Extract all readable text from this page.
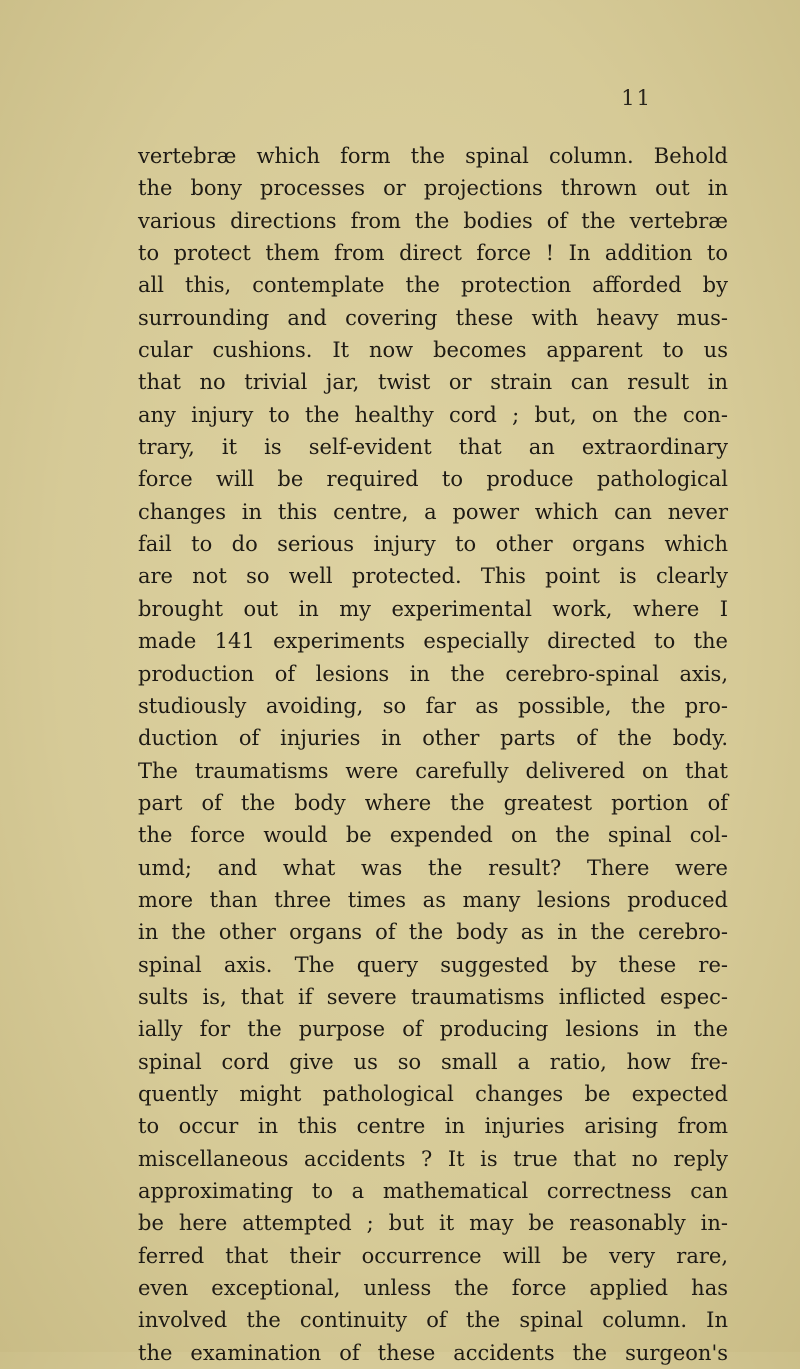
11
vertebræ which form the spinal column. Behold
the bony processes or projections thrown out in
various directions from the bodies of the vertebræ
to protect them from direct force ! In addition to
all this, contemplate the protection afforded by
surrounding and covering these with heavy mus-
cular cushions. It now becomes apparent to us
that no trivial jar, twist or strain can result in
any injury to the healthy cord ; but, on the con-
trary, it is self-evident that an extraordinary
force will be required to produce pathological
changes in this centre, a power which can never
fail to do serious injury to other organs which
are not so well protected. This point is clearly
brought out in my experimental work, where I
made 141 experiments especially directed to the
production of lesions in the cerebro-spinal axis,
studiously avoiding, so far as possible, the pro-
duction of injuries in other parts of the body.
The traumatisms were carefully delivered on that
part of the body where the greatest portion of
the force would be expended on the spinal col-
umd; and what was the result? There were
more than three times as many lesions produced
in the other organs of the body as in the cerebro-
spinal axis. The query suggested by these re-
sults is, that if severe traumatisms inflicted espec-
ially for the purpose of producing lesions in the
spinal cord give us so small a ratio, how fre-
quently might pathological changes be expected
to occur in this centre in injuries arising from
miscellaneous accidents ? It is true that no reply
approximating to a mathematical correctness can
be here attempted ; but it may be reasonably in-
ferred that their occurrence will be very rare,
even exceptional, unless the force applied has
involved the continuity of the spinal column. In
the examination of these accidents the surgeon's
